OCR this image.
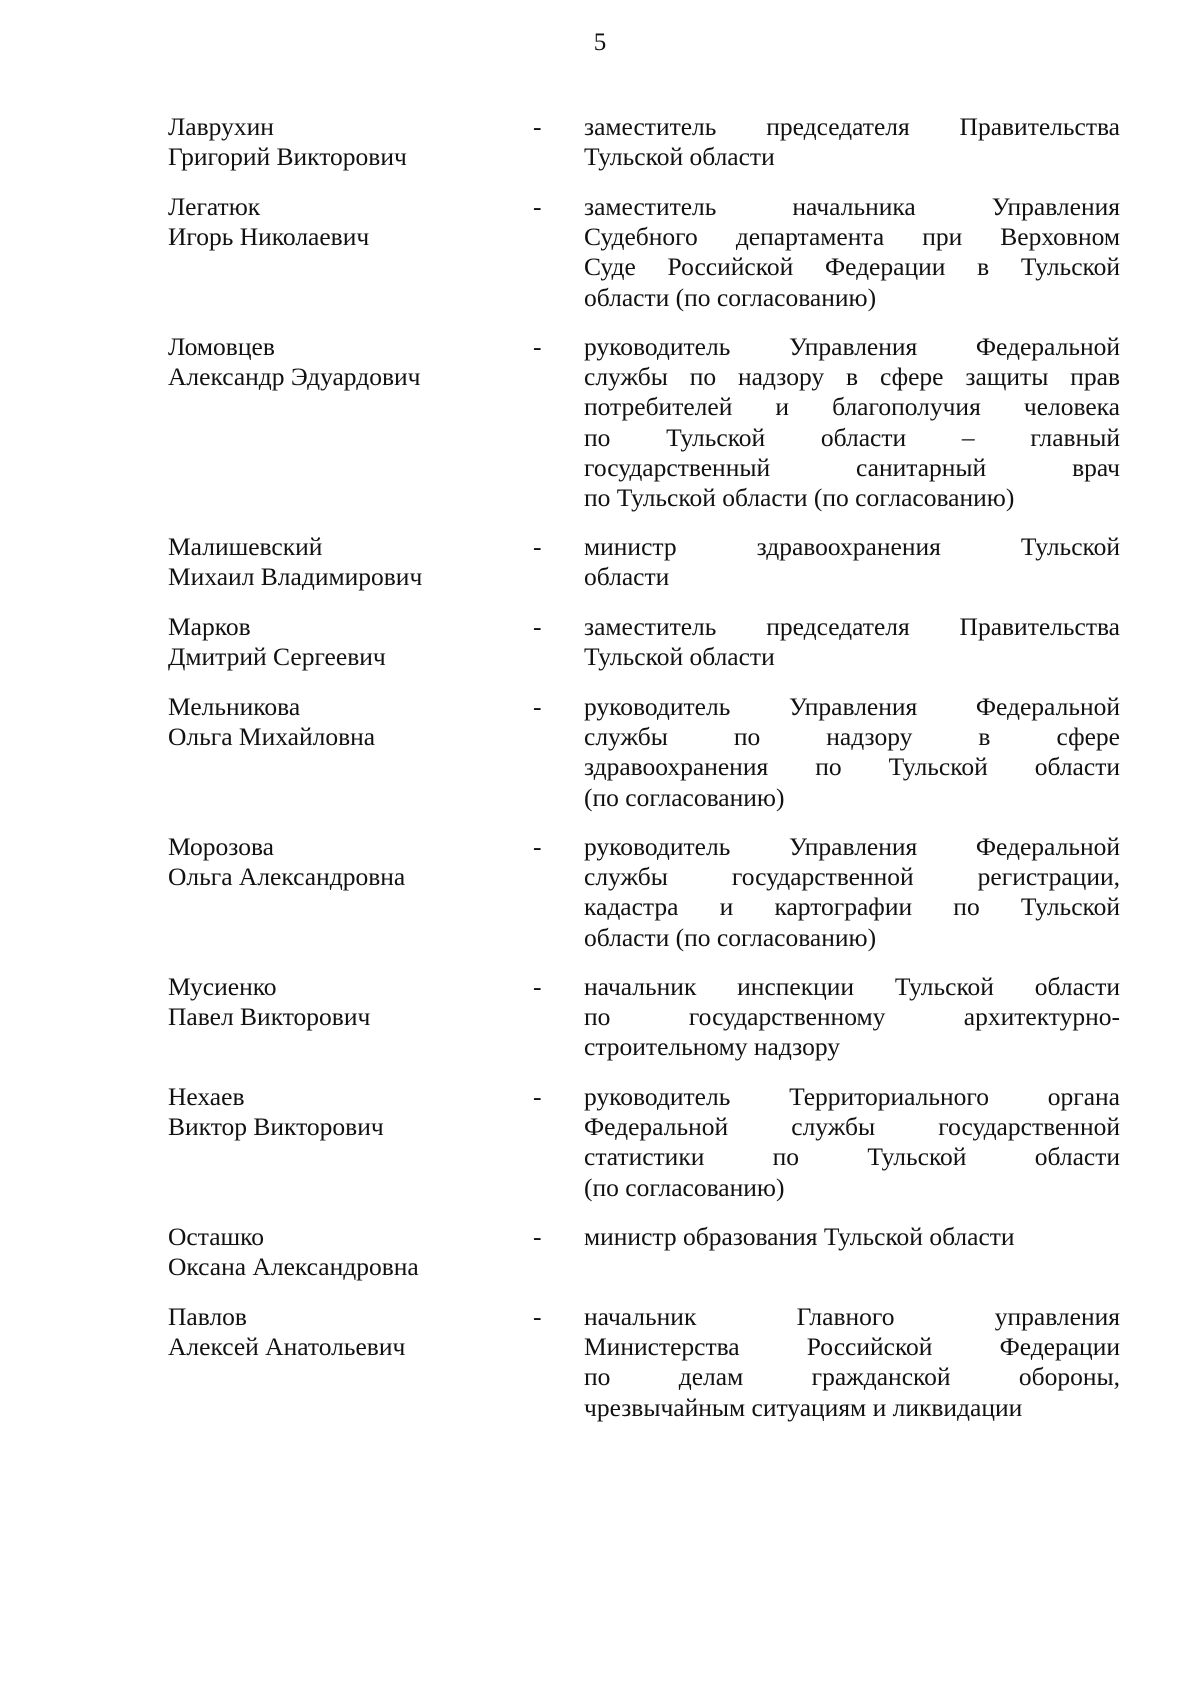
5
Лаврухин
Григорий Викторович
-	заместитель председателя Правительства
Тульской области
Легатюк
Игорь Николаевич
-	заместитель начальника Управления
Судебного департамента при Верховном
Суде Российской Федерации в Тульской
области (по согласованию)
Ломовцев
Александр Эдуардович
-	руководитель Управления Федеральной
службы по надзору в сфере защиты прав
потребителей и благополучия человека
по Тульской области – главный
государственный санитарный врач
по Тульской области (по согласованию)
Малишевский
Михаил Владимирович
-	министр здравоохранения Тульской
области
Марков
Дмитрий Сергеевич
-	заместитель председателя Правительства
Тульской области
Мельникова
Ольга Михайловна
-	руководитель Управления Федеральной
службы по надзору в сфере
здравоохранения по Тульской области
(по согласованию)
Морозова
Ольга Александровна
-	руководитель Управления Федеральной
службы государственной регистрации,
кадастра и картографии по Тульской
области (по согласованию)
Мусиенко
Павел Викторович
-	начальник инспекции Тульской области
по государственному архитектурно-
строительному надзору
Нехаев
Виктор Викторович
-	руководитель Территориального органа
Федеральной службы государственной
статистики по Тульской области
(по согласованию)
Осташко
Оксана Александровна
-	министр образования Тульской области
Павлов
Алексей Анатольевич
-	начальник Главного управления
Министерства Российской Федерации
по делам гражданской обороны,
чрезвычайным ситуациям и ликвидации
